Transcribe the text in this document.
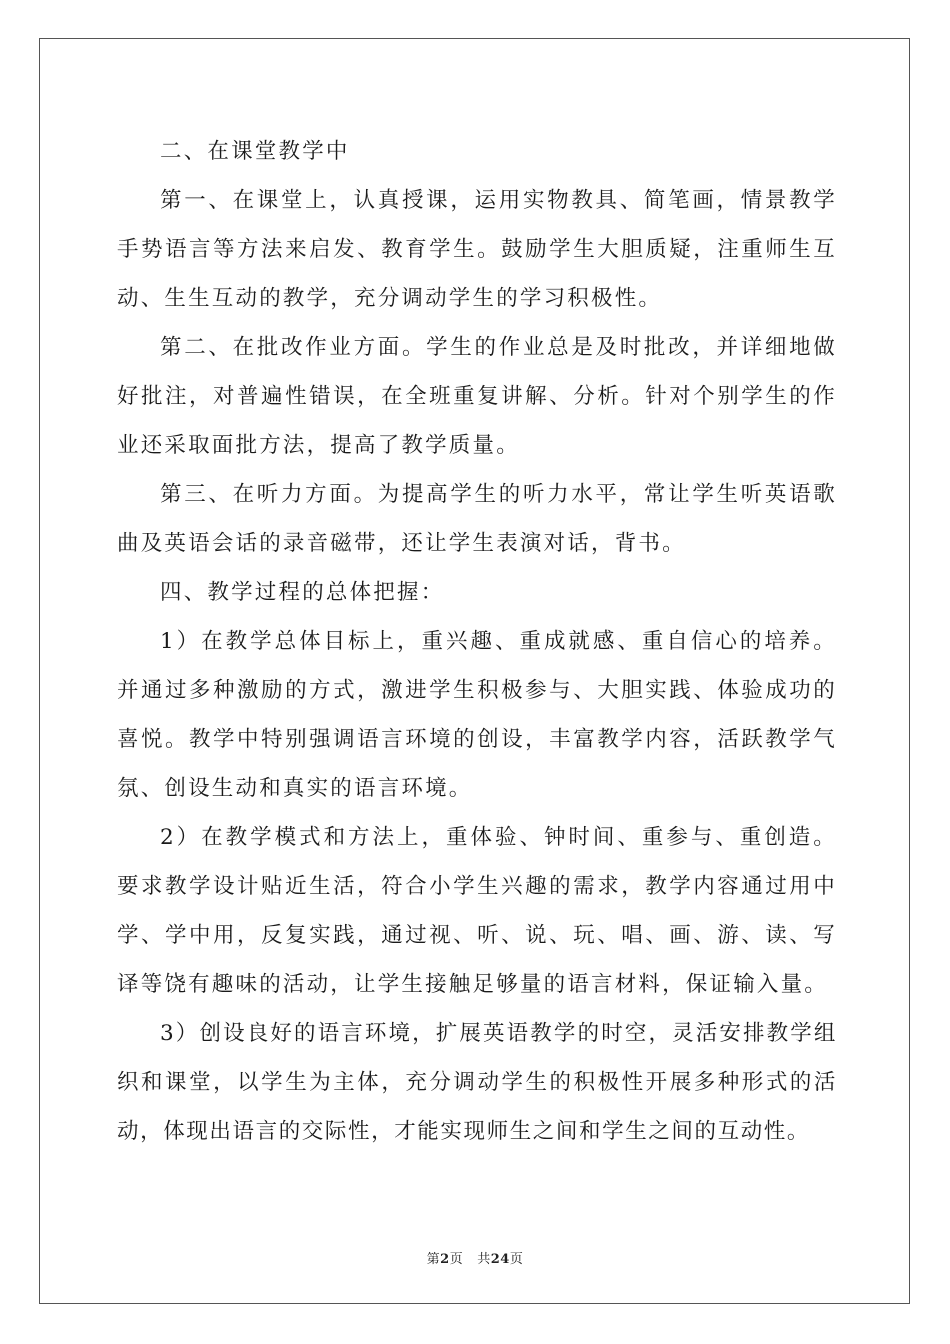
二、在课堂教学中

第一、在课堂上，认真授课，运用实物教具、简笔画，情景教学手势语言等方法来启发、教育学生。鼓励学生大胆质疑，注重师生互动、生生互动的教学，充分调动学生的学习积极性。

第二、在批改作业方面。学生的作业总是及时批改，并详细地做好批注，对普遍性错误，在全班重复讲解、分析。针对个别学生的作业还采取面批方法，提高了教学质量。

第三、在听力方面。为提高学生的听力水平，常让学生听英语歌曲及英语会话的录音磁带，还让学生表演对话，背书。

四、教学过程的总体把握：

1）在教学总体目标上，重兴趣、重成就感、重自信心的培养。并通过多种激励的方式，激进学生积极参与、大胆实践、体验成功的喜悦。教学中特别强调语言环境的创设，丰富教学内容，活跃教学气氛、创设生动和真实的语言环境。

2）在教学模式和方法上，重体验、钟时间、重参与、重创造。要求教学设计贴近生活，符合小学生兴趣的需求，教学内容通过用中学、学中用，反复实践，通过视、听、说、玩、唱、画、游、读、写译等饶有趣味的活动，让学生接触足够量的语言材料，保证输入量。

3）创设良好的语言环境，扩展英语教学的时空，灵活安排教学组织和课堂，以学生为主体，充分调动学生的积极性开展多种形式的活动，体现出语言的交际性，才能实现师生之间和学生之间的互动性。

第2页 共24页
